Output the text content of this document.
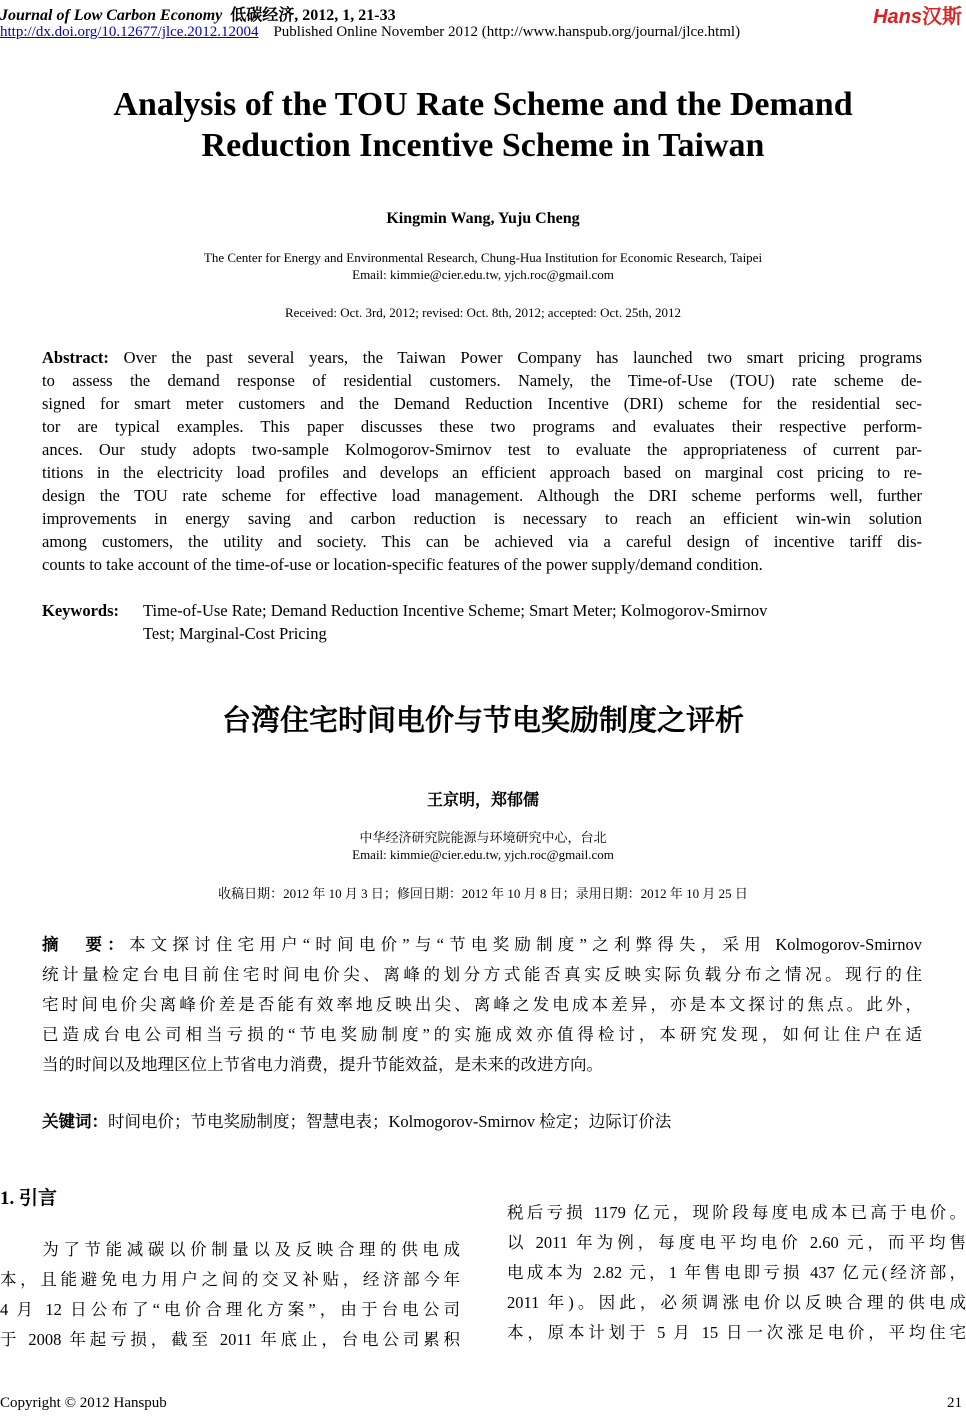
Journal of Low Carbon Economy 低碳经济, 2012, 1, 21-33
http://dx.doi.org/10.12677/jlce.2012.12004 Published Online November 2012 (http://www.hanspub.org/journal/jlce.html)
Hans汉斯
Analysis of the TOU Rate Scheme and the Demand
Reduction Incentive Scheme in Taiwan
Kingmin Wang, Yuju Cheng
The Center for Energy and Environmental Research, Chung-Hua Institution for Economic Research, Taipei
Email: kimmie@cier.edu.tw, yjch.roc@gmail.com
Received: Oct. 3rd, 2012; revised: Oct. 8th, 2012; accepted: Oct. 25th, 2012
Abstract: Over the past several years, the Taiwan Power Company has launched two smart pricing programs
to assess the demand response of residential customers. Namely, the Time-of-Use (TOU) rate scheme de-
signed for smart meter customers and the Demand Reduction Incentive (DRI) scheme for the residential sec-
tor are typical examples. This paper discusses these two programs and evaluates their respective perform-
ances. Our study adopts two-sample Kolmogorov-Smirnov test to evaluate the appropriateness of current par-
titions in the electricity load profiles and develops an efficient approach based on marginal cost pricing to re-
design the TOU rate scheme for effective load management. Although the DRI scheme performs well, further
improvements in energy saving and carbon reduction is necessary to reach an efficient win-win solution
among customers, the utility and society. This can be achieved via a careful design of incentive tariff dis-
counts to take account of the time-of-use or location-specific features of the power supply/demand condition.
Keywords: Time-of-Use Rate; Demand Reduction Incentive Scheme; Smart Meter; Kolmogorov-Smirnov
Test; Marginal-Cost Pricing
台湾住宅时间电价与节电奖励制度之评析
王京明，郑郁儒
中华经济研究院能源与环境研究中心，台北
Email: kimmie@cier.edu.tw, yjch.roc@gmail.com
收稿日期：2012 年 10 月 3 日；修回日期：2012 年 10 月 8 日；录用日期：2012 年 10 月 25 日
摘　要：本文探讨住宅用户“时间电价”与“节电奖励制度”之利弊得失，采用 Kolmogorov-Smirnov
统计量检定台电目前住宅时间电价尖、离峰的划分方式能否真实反映实际负载分布之情况。现行的住
宅时间电价尖离峰价差是否能有效率地反映出尖、离峰之发电成本差异，亦是本文探讨的焦点。此外，
已造成台电公司相当亏损的“节电奖励制度”的实施成效亦值得检讨，本研究发现，如何让住户在适
当的时间以及地理区位上节省电力消费，提升节能效益，是未来的改进方向。
关键词：时间电价；节电奖励制度；智慧电表；Kolmogorov-Smirnov 检定；边际订价法
1. 引言
　　为了节能减碳以价制量以及反映合理的供电成
本，且能避免电力用户之间的交叉补贴，经济部今年
4 月 12 日公布了“电价合理化方案”，由于台电公司
于 2008 年起亏损，截至 2011 年底止，台电公司累积
税后亏损 1179 亿元，现阶段每度电成本已高于电价。
以 2011 年为例，每度电平均电价 2.60 元，而平均售
电成本为 2.82 元，1 年售电即亏损 437 亿元(经济部，
2011 年)。因此，必须调涨电价以反映合理的供电成
本，原本计划于 5 月 15 日一次涨足电价，平均住宅
Copyright © 2012 Hanspub	21
